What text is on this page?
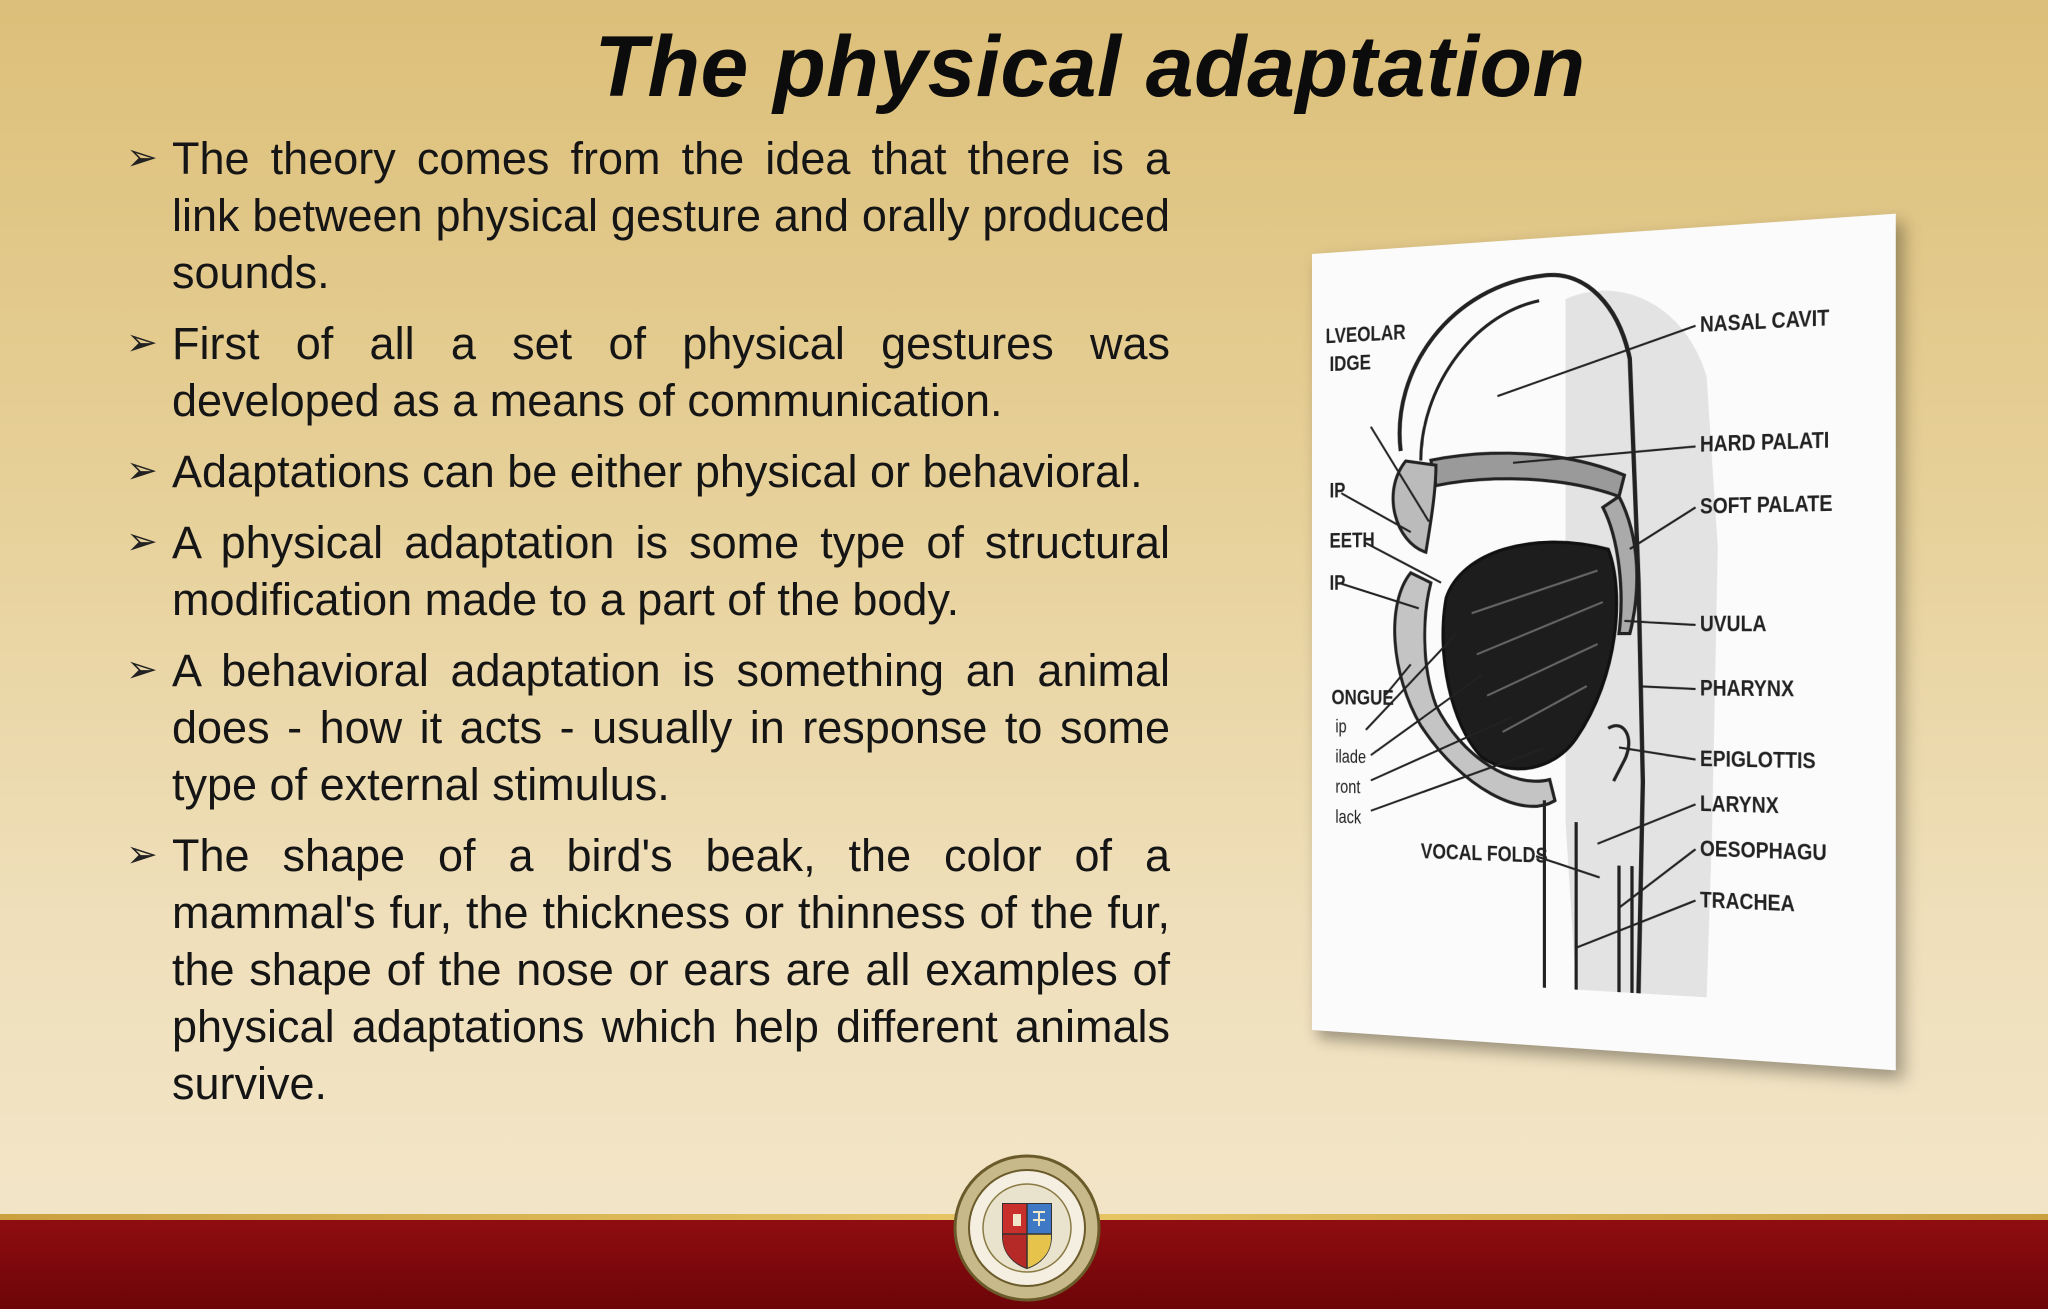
The physical adaptation
➢ The theory comes from the idea that there is a link between physical gesture and orally produced sounds.
➢ First of all a set of physical gestures was developed as a means of communication.
➢ Adaptations can be either physical or behavioral.
➢ A physical adaptation is some type of structural modification made to a part of the body.
➢ A behavioral adaptation is something an animal does - how it acts - usually in response to some type of external stimulus.
➢ The shape of a bird's beak, the color of a mammal's fur, the thickness or thinness of the fur, the shape of the nose or ears are all examples of physical adaptations which help different animals survive.
LVEOLAR
IDGE
IP
EETH
IP
ONGUE
ip
ilade
ront
lack
NASAL CAVIT
HARD PALATI
SOFT PALATE
UVULA
PHARYNX
EPIGLOTTIS
LARYNX
OESOPHAGU
TRACHEA
VOCAL FOLDS
